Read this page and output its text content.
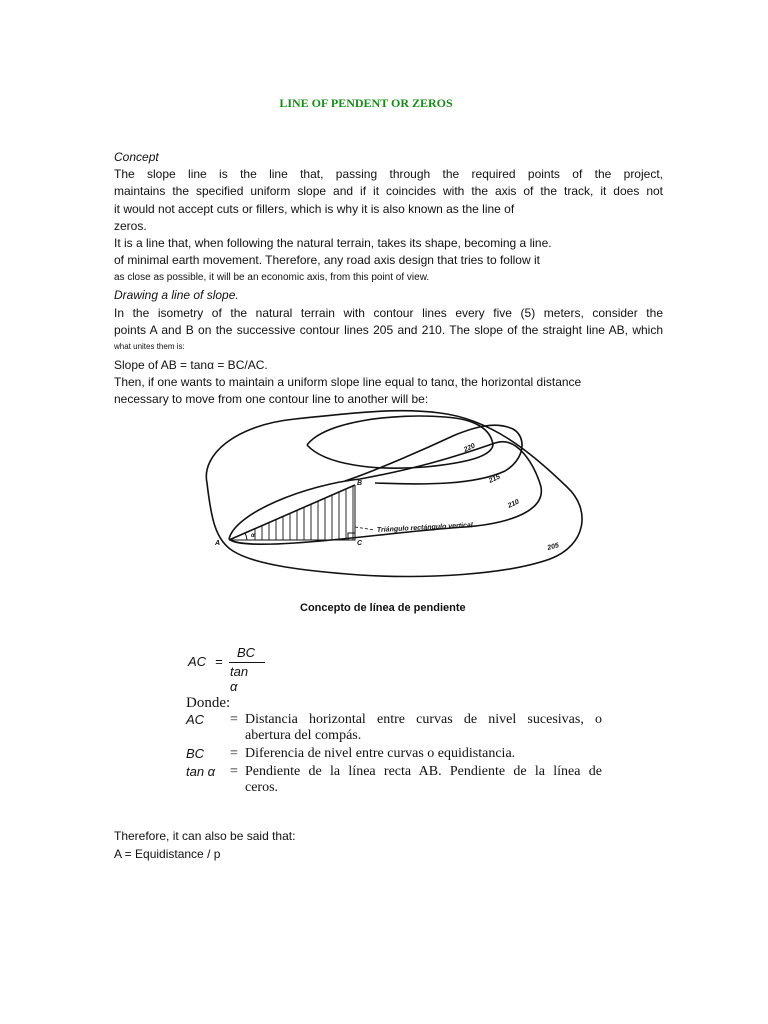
LINE OF PENDENT OR ZEROS
Concept
The slope line is the line that, passing through the required points of the project,
maintains the specified uniform slope and if it coincides with the axis of the track, it does not
it would not accept cuts or fillers, which is why it is also known as the line of
zeros.
It is a line that, when following the natural terrain, takes its shape, becoming a line.
of minimal earth movement. Therefore, any road axis design that tries to follow it
as close as possible, it will be an economic axis, from this point of view.
Drawing a line of slope.
In the isometry of the natural terrain with contour lines every five (5) meters, consider the
points A and B on the successive contour lines 205 and 210. The slope of the straight line AB, which
what unites them is:
Slope of AB = tanα = BC/AC.
Then, if one wants to maintain a uniform slope line equal to tanα, the horizontal distance
necessary to move from one contour line to another will be:
220
215
210
205
A
B
C
α
Triángulo rectángulo vertical
Concepto de línea de pendiente
AC =
BC
tan α
Donde:
AC = Distancia horizontal entre curvas de nivel sucesivas, o
abertura del compás.
BC = Diferencia de nivel entre curvas o equidistancia.
tan α = Pendiente de la línea recta AB. Pendiente de la línea de
ceros.
Therefore, it can also be said that:
A = Equidistance / p
